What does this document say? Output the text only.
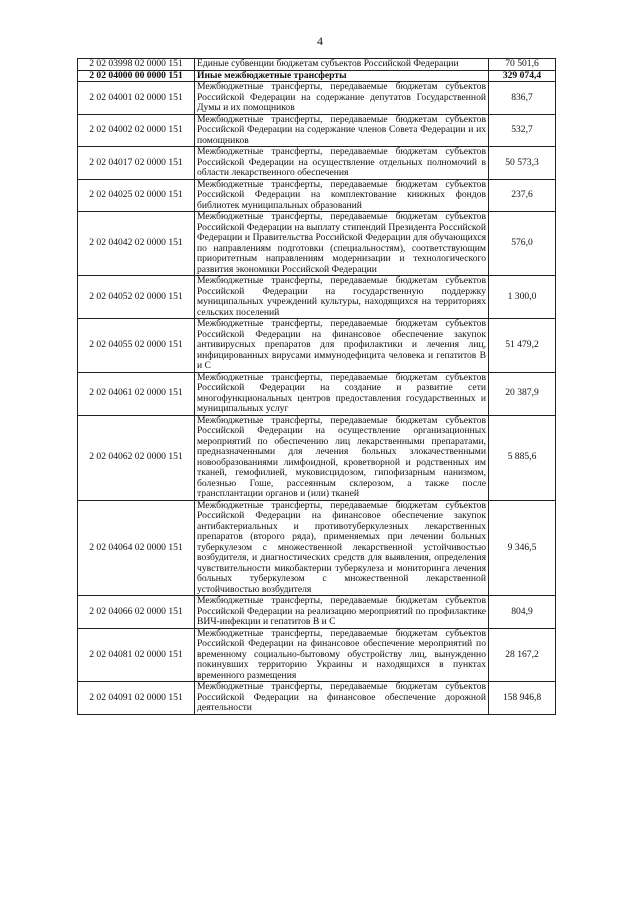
4
2 02 03998 02 0000 151	Единые субвенции бюджетам субъектов Российской Федерации	70 501,6
2 02 04000 00 0000 151	Иные межбюджетные трансферты	329 074,4
2 02 04001 02 0000 151	Межбюджетные трансферты, передаваемые бюджетам субъектов Российской Федерации на содержание депутатов Государственной Думы и их помощников	836,7
2 02 04002 02 0000 151	Межбюджетные трансферты, передаваемые бюджетам субъектов Российской Федерации на содержание членов Совета Федерации и их помощников	532,7
2 02 04017 02 0000 151	Межбюджетные трансферты, передаваемые бюджетам субъектов Российской Федерации на осуществление отдельных полномочий в области лекарственного обеспечения	50 573,3
2 02 04025 02 0000 151	Межбюджетные трансферты, передаваемые бюджетам субъектов Российской Федерации на комплектование книжных фондов библиотек муниципальных образований	237,6
2 02 04042 02 0000 151	Межбюджетные трансферты, передаваемые бюджетам субъектов Российской Федерации на выплату стипендий Президента Российской Федерации и Правительства Российской Федерации для обучающихся по направлениям подготовки (специальностям), соответствующим приоритетным направлениям модернизации и технологического развития экономики Российской Федерации	576,0
2 02 04052 02 0000 151	Межбюджетные трансферты, передаваемые бюджетам субъектов Российской Федерации на государственную поддержку муниципальных учреждений культуры, находящихся на территориях сельских поселений	1 300,0
2 02 04055 02 0000 151	Межбюджетные трансферты, передаваемые бюджетам субъектов Российской Федерации на финансовое обеспечение закупок антивирусных препаратов для профилактики и лечения лиц, инфицированных вирусами иммунодефицита человека и гепатитов В и С	51 479,2
2 02 04061 02 0000 151	Межбюджетные трансферты, передаваемые бюджетам субъектов Российской Федерации на создание и развитие сети многофункциональных центров предоставления государственных и муниципальных услуг	20 387,9
2 02 04062 02 0000 151	Межбюджетные трансферты, передаваемые бюджетам субъектов Российской Федерации на осуществление организационных мероприятий по обеспечению лиц лекарственными препаратами, предназначенными для лечения больных злокачественными новообразованиями лимфоидной, кроветворной и родственных им тканей, гемофилией, муковисцидозом, гипофизарным нанизмом, болезнью Гоше, рассеянным склерозом, а также после трансплантации органов и (или) тканей	5 885,6
2 02 04064 02 0000 151	Межбюджетные трансферты, передаваемые бюджетам субъектов Российской Федерации на финансовое обеспечение закупок антибактериальных и противотуберкулезных лекарственных препаратов (второго ряда), применяемых при лечении больных туберкулезом с множественной лекарственной устойчивостью возбудителя, и диагностических средств для выявления, определения чувствительности микобактерии туберкулеза и мониторинга лечения больных туберкулезом с множественной лекарственной устойчивостью возбудителя	9 346,5
2 02 04066 02 0000 151	Межбюджетные трансферты, передаваемые бюджетам субъектов Российской Федерации на реализацию мероприятий по профилактике ВИЧ-инфекции и гепатитов В и С	804,9
2 02 04081 02 0000 151	Межбюджетные трансферты, передаваемые бюджетам субъектов Российской Федерации на финансовое обеспечение мероприятий по временному социально-бытовому обустройству лиц, вынужденно покинувших территорию Украины и находящихся в пунктах временного размещения	28 167,2
2 02 04091 02 0000 151	Межбюджетные трансферты, передаваемые бюджетам субъектов Российской Федерации на финансовое обеспечение дорожной деятельности	158 946,8
